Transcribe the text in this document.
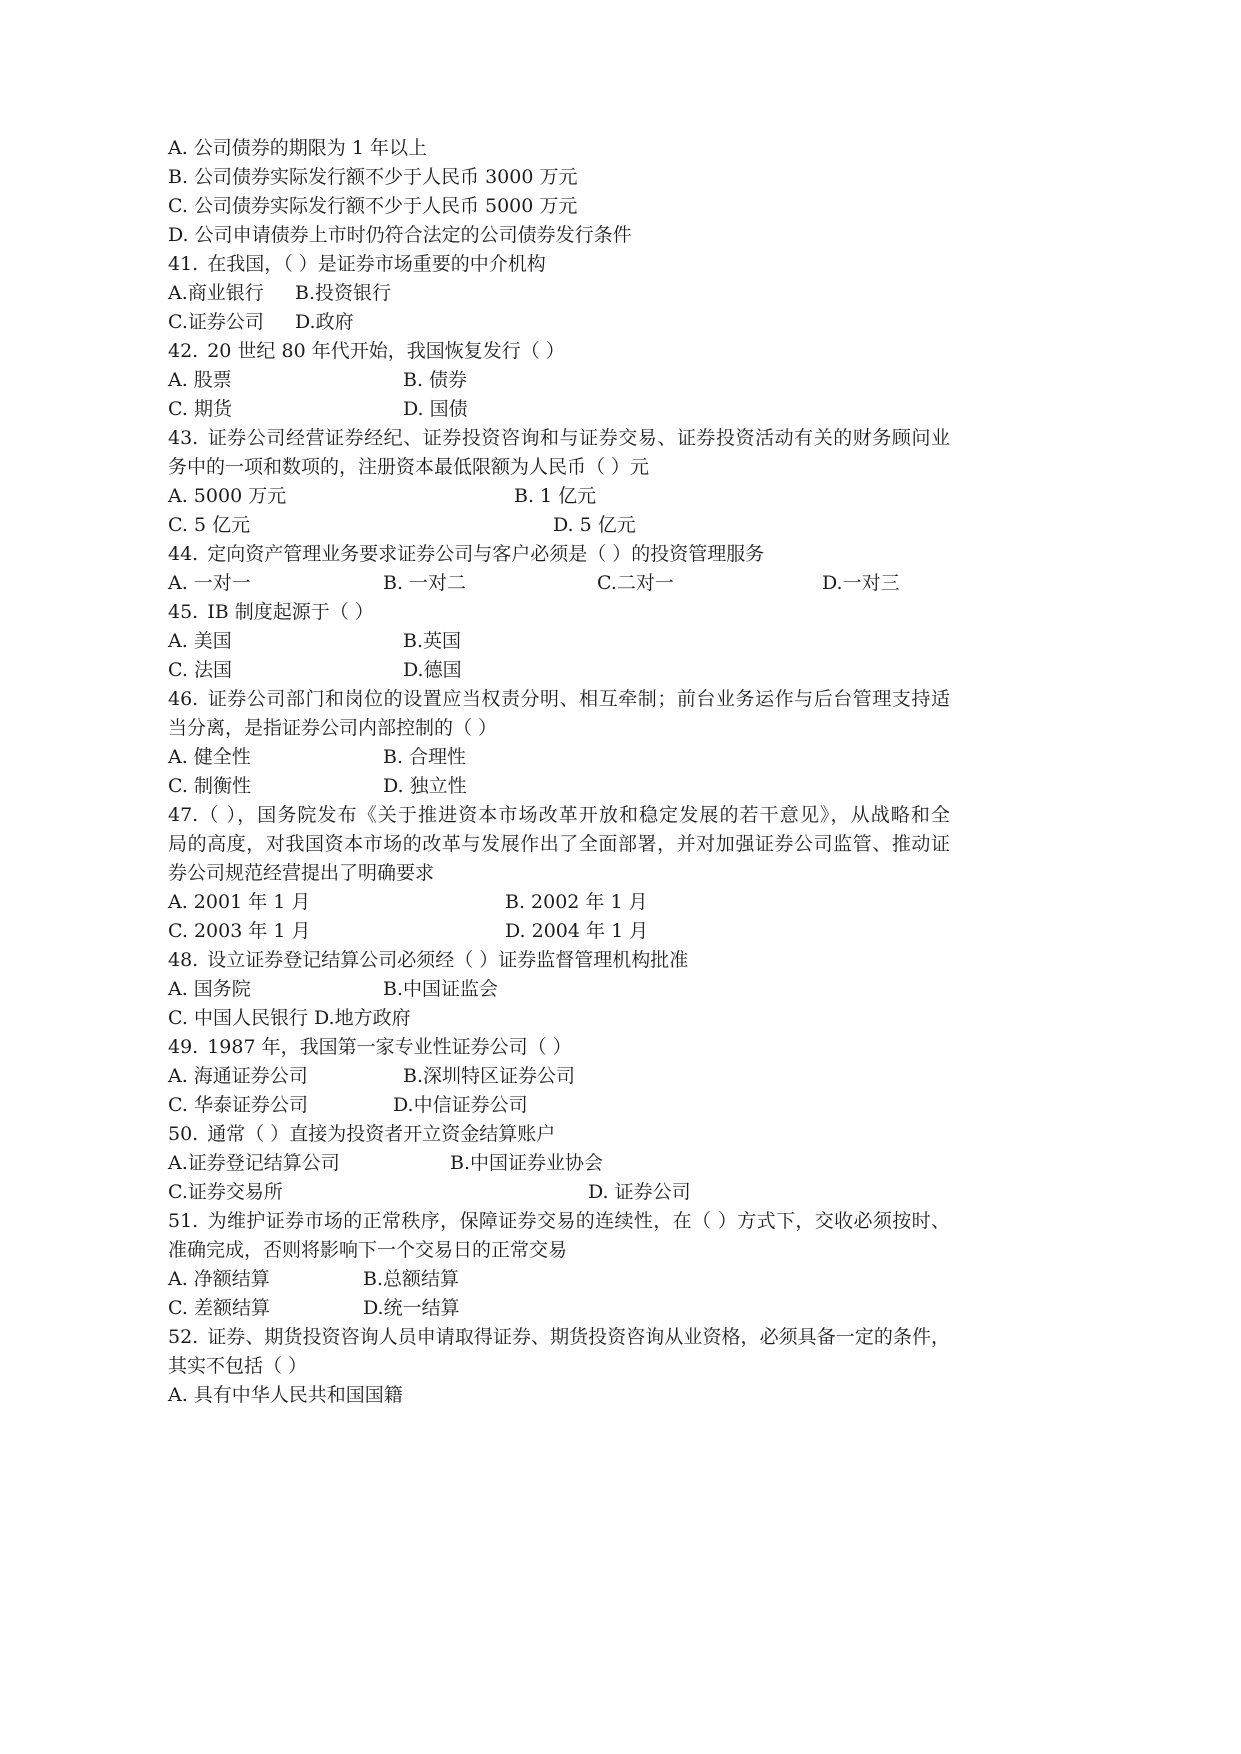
A. 公司债券的期限为 1 年以上
B. 公司债券实际发行额不少于人民币 3000 万元
C. 公司债券实际发行额不少于人民币 5000 万元
D. 公司申请债券上市时仍符合法定的公司债券发行条件
41. 在我国，（ ）是证券市场重要的中介机构
A.商业银行 B.投资银行
C.证券公司 D.政府
42. 20 世纪 80 年代开始，我国恢复发行（ ）
A. 股票	B. 债券
C. 期货	D. 国债
43. 证券公司经营证券经纪、证券投资咨询和与证券交易、证券投资活动有关的财务顾问业
务中的一项和数项的，注册资本最低限额为人民币（ ）元
A. 5000 万元	B. 1 亿元
C. 5 亿元	D. 5 亿元
44. 定向资产管理业务要求证券公司与客户必须是（ ）的投资管理服务
A. 一对一	B. 一对二	C.二对一	D.一对三
45. IB 制度起源于（ ）
A. 美国	B.英国
C. 法国	D.德国
46. 证券公司部门和岗位的设置应当权责分明、相互牵制；前台业务运作与后台管理支持适
当分离，是指证券公司内部控制的（ ）
A. 健全性	B. 合理性
C. 制衡性	D. 独立性
47.（ ），国务院发布《关于推进资本市场改革开放和稳定发展的若干意见》，从战略和全
局的高度，对我国资本市场的改革与发展作出了全面部署，并对加强证券公司监管、推动证
券公司规范经营提出了明确要求
A. 2001 年 1 月	B. 2002 年 1 月
C. 2003 年 1 月	D. 2004 年 1 月
48. 设立证券登记结算公司必须经（ ）证券监督管理机构批准
A. 国务院	B.中国证监会
C. 中国人民银行 D.地方政府
49. 1987 年，我国第一家专业性证券公司（ ）
A. 海通证券公司	B.深圳特区证券公司
C. 华泰证券公司	D.中信证券公司
50. 通常（ ）直接为投资者开立资金结算账户
A.证券登记结算公司	B.中国证券业协会
C.证券交易所	D. 证券公司
51. 为维护证券市场的正常秩序，保障证券交易的连续性，在（ ）方式下，交收必须按时、
准确完成，否则将影响下一个交易日的正常交易
A. 净额结算	B.总额结算
C. 差额结算	D.统一结算
52. 证券、期货投资咨询人员申请取得证券、期货投资咨询从业资格，必须具备一定的条件，
其实不包括（ ）
A. 具有中华人民共和国国籍
